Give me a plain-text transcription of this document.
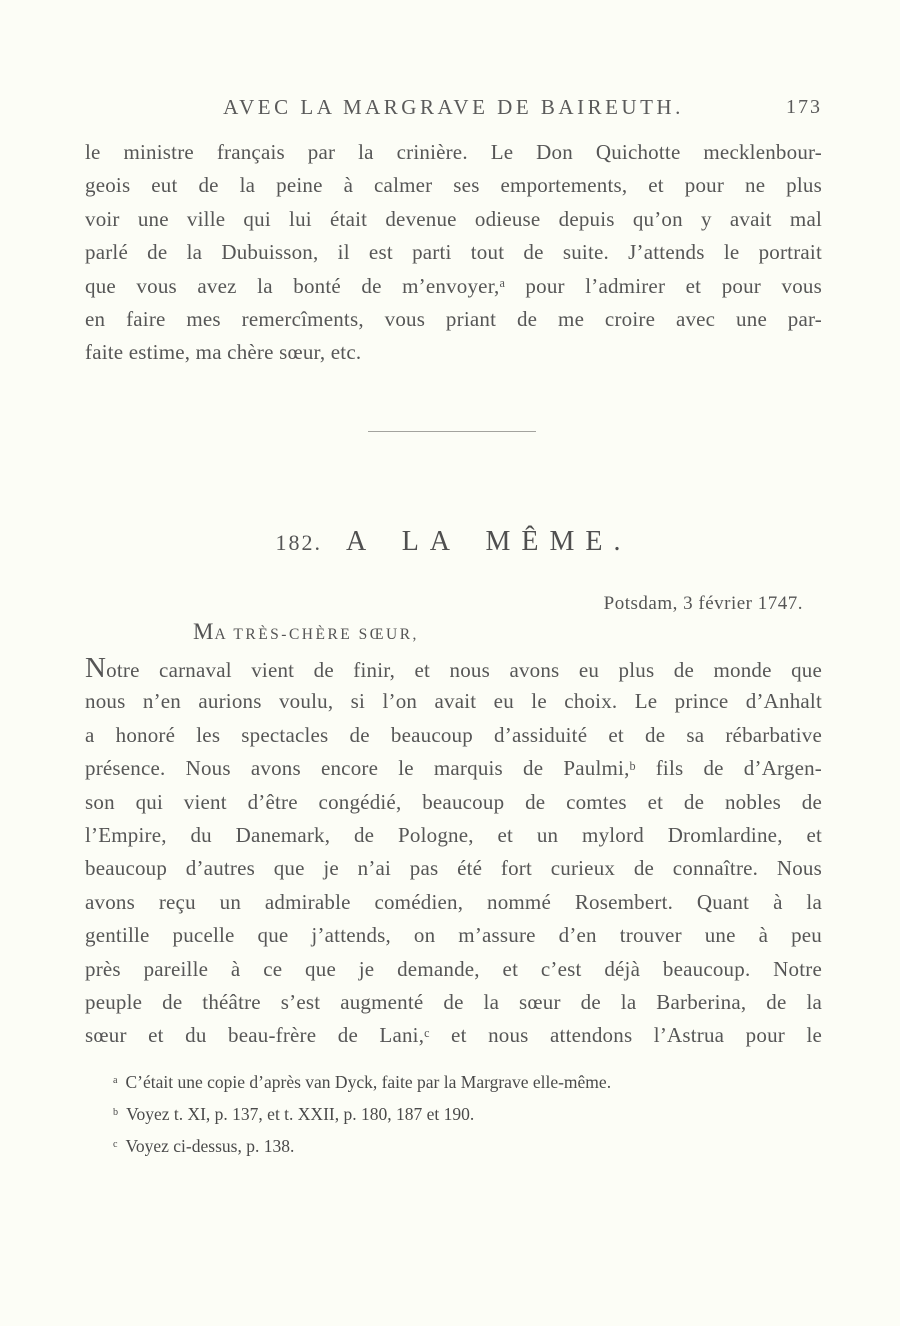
AVEC LA MARGRAVE DE BAIREUTH.	173
le ministre français par la crinière. Le Don Quichotte mecklenbour-
geois eut de la peine à calmer ses emportements, et pour ne plus
voir une ville qui lui était devenue odieuse depuis qu’on y avait mal
parlé de la Dubuisson, il est parti tout de suite. J’attends le portrait
que vous avez la bonté de m’envoyer,$^a$ pour l’admirer et pour vous
en faire mes remercîments, vous priant de me croire avec une par-
faite estime, ma chère sœur, etc.
182. A LA MÊME.
Potsdam, 3 février 1747.
MA TRÈS-CHÈRE SŒUR,
Notre carnaval vient de finir, et nous avons eu plus de monde que
nous n’en aurions voulu, si l’on avait eu le choix. Le prince d’Anhalt
a honoré les spectacles de beaucoup d’assiduité et de sa rébarbative
présence. Nous avons encore le marquis de Paulmi,$^b$ fils de d’Argen-
son qui vient d’être congédié, beaucoup de comtes et de nobles de
l’Empire, du Danemark, de Pologne, et un mylord Dromlardine, et
beaucoup d’autres que je n’ai pas été fort curieux de connaître. Nous
avons reçu un admirable comédien, nommé Rosembert. Quant à la
gentille pucelle que j’attends, on m’assure d’en trouver une à peu
près pareille à ce que je demande, et c’est déjà beaucoup. Notre
peuple de théâtre s’est augmenté de la sœur de la Barberina, de la
sœur et du beau-frère de Lani,$^c$ et nous attendons l’Astrua pour le
$^a$ C’était une copie d’après van Dyck, faite par la Margrave elle-même.
$^b$ Voyez t. XI, p. 137, et t. XXII, p. 180, 187 et 190.
$^c$ Voyez ci-dessus, p. 138.
